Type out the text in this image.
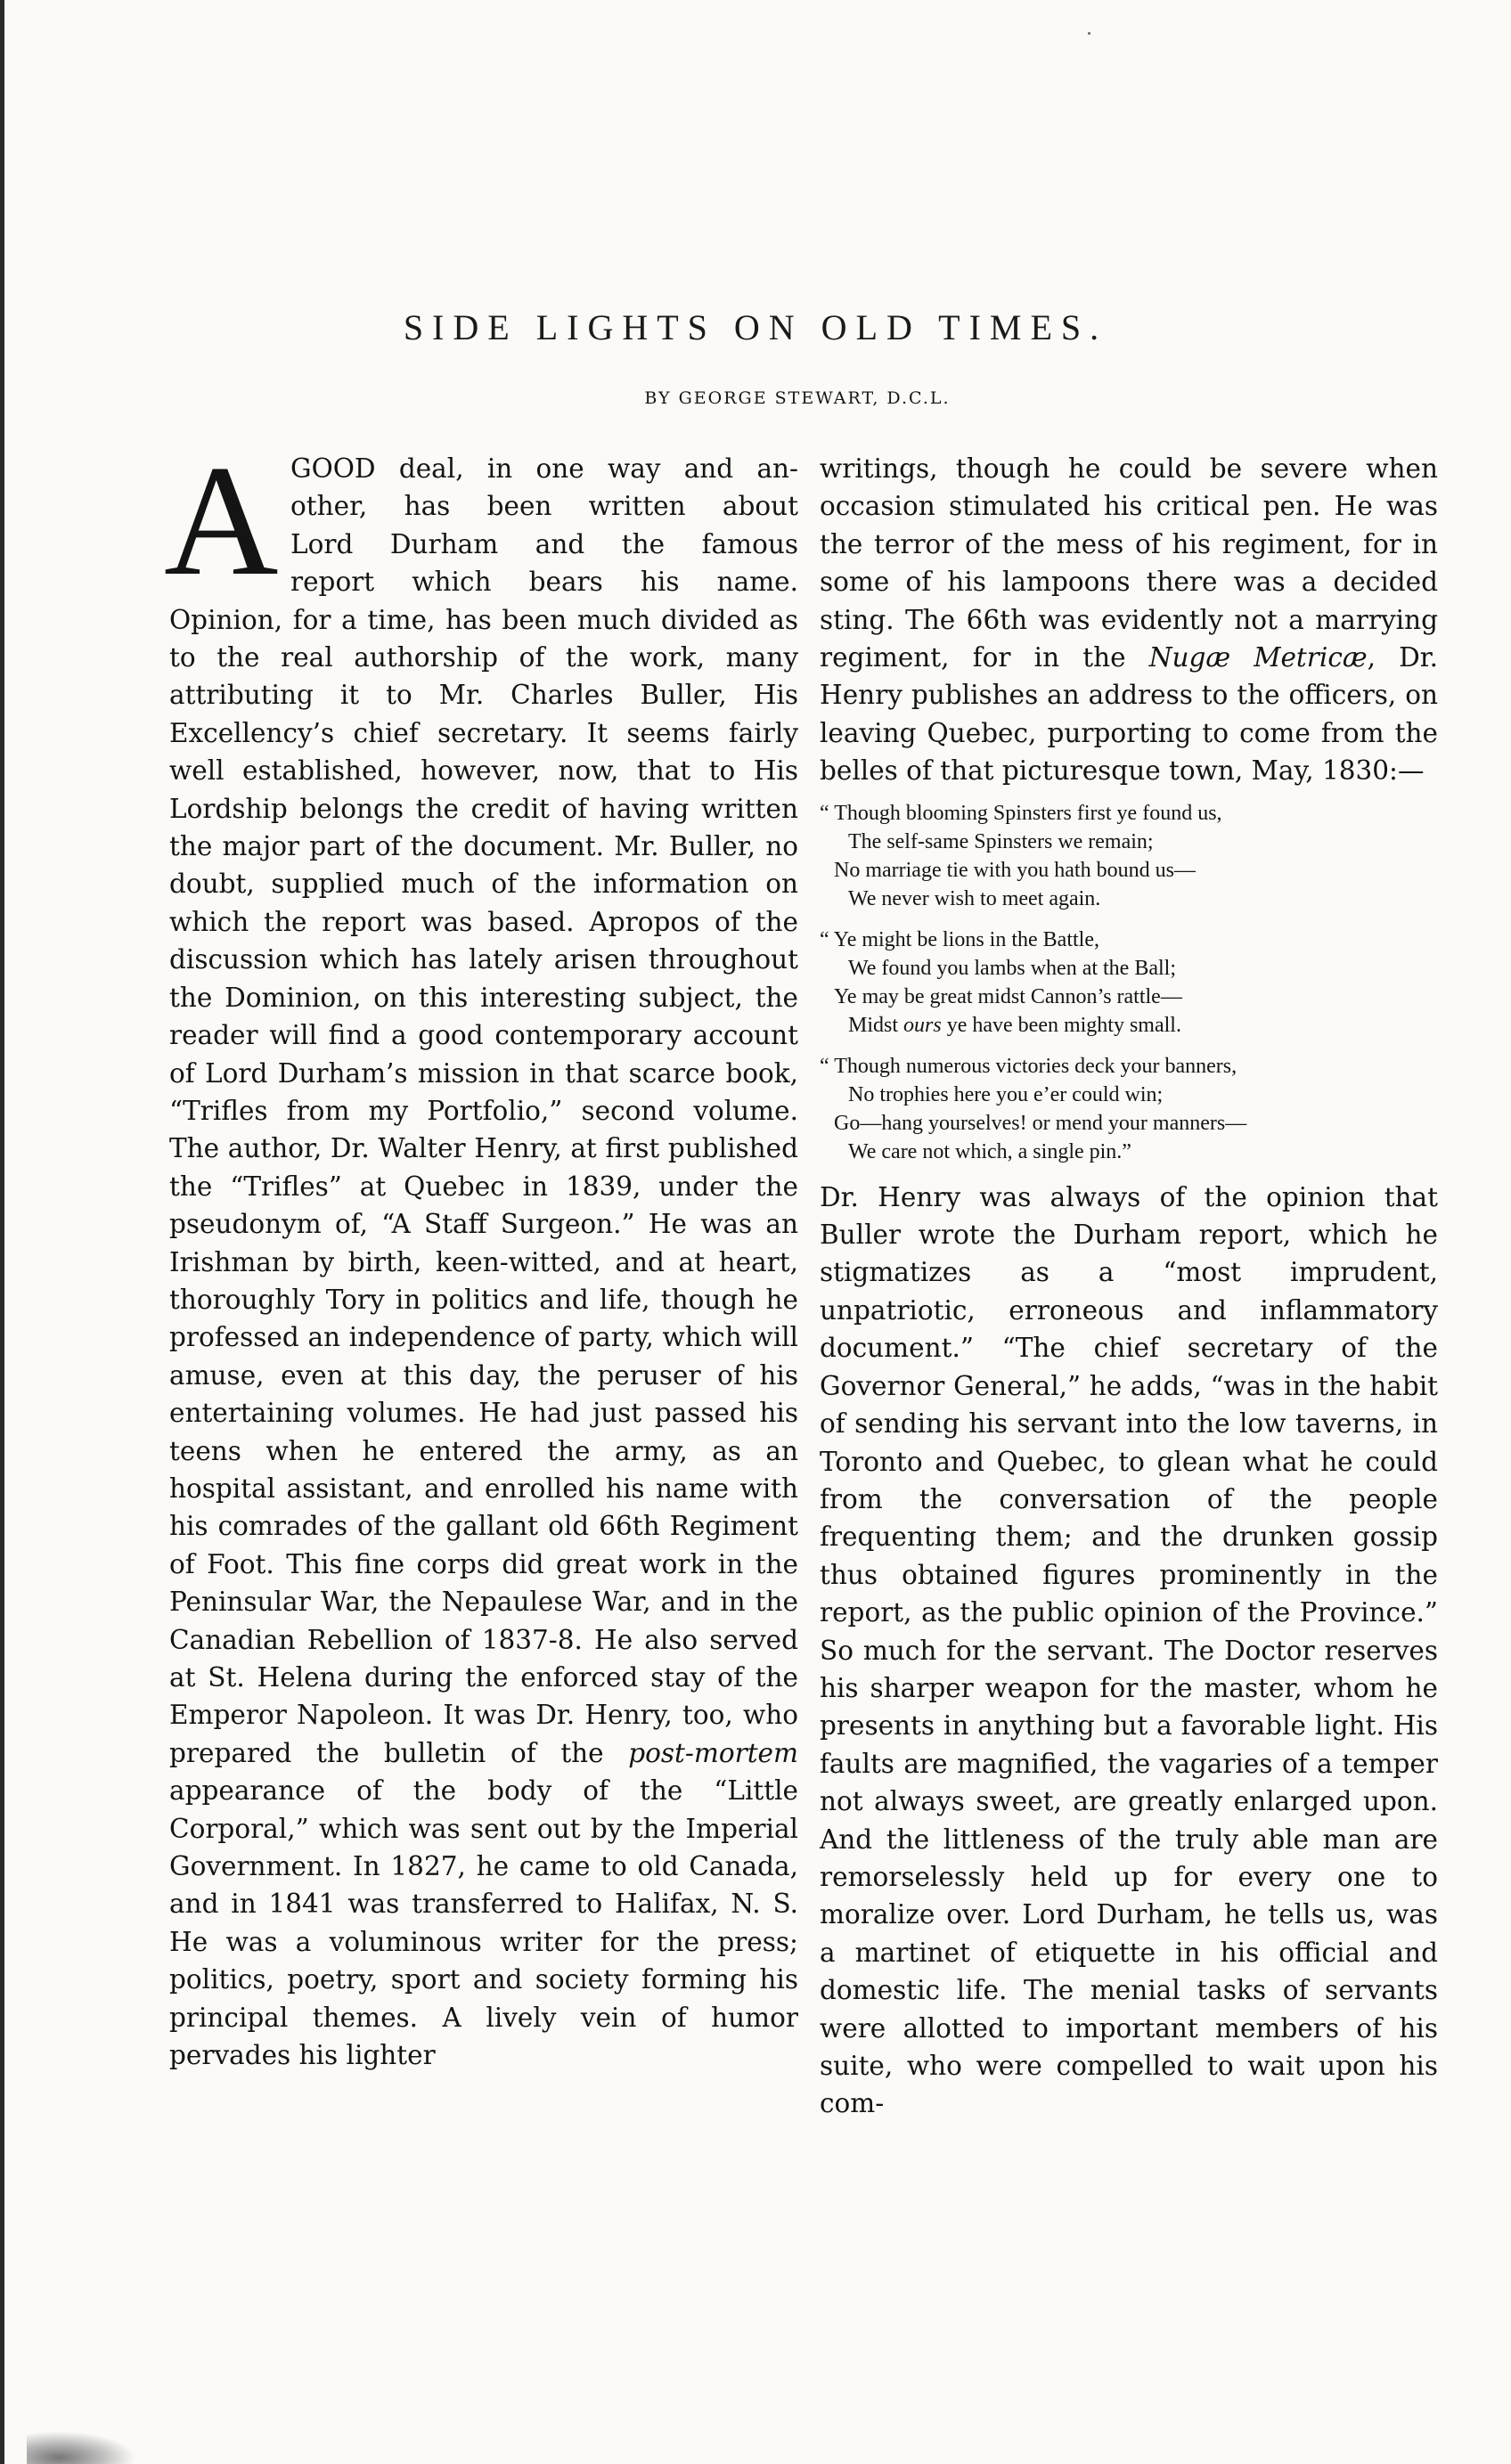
SIDE LIGHTS ON OLD TIMES.
BY GEORGE STEWART, D.C.L.
A GOOD deal, in one way and an-
other, has been written about
Lord Durham and the famous
report which bears his name.

Opinion, for a time, has been much divided as to the real authorship of the work, many attributing it to Mr. Charles Buller, His Excellency’s chief secretary. It seems fairly well established, however, now, that to His Lordship belongs the credit of having written the major part of the document. Mr. Buller, no doubt, supplied much of the information on which the report was based. Apropos of the discussion which has lately arisen throughout the Dominion, on this interesting subject, the reader will find a good contemporary account of Lord Durham’s mission in that scarce book, “Trifles from my Portfolio,” second volume. The author, Dr. Walter Henry, at first published the “Trifles” at Quebec in 1839, under the pseudonym of, “A Staff Surgeon.” He was an Irishman by birth, keen-witted, and at heart, thoroughly Tory in politics and life, though he professed an independence of party, which will amuse, even at this day, the peruser of his entertaining volumes. He had just passed his teens when he entered the army, as an hospital assistant, and enrolled his name with his comrades of the gallant old 66th Regiment of Foot. This fine corps did great work in the Peninsular War, the Nepaulese War, and in the Canadian Rebellion of 1837-8. He also served at St. Helena during the enforced stay of the Emperor Napoleon. It was Dr. Henry, too, who prepared the bulletin of the post-mortem appearance of the body of the “Little Corporal,” which was sent out by the Imperial Government. In 1827, he came to old Canada, and in 1841 was transferred to Halifax, N. S. He was a voluminous writer for the press; politics, poetry, sport and society forming his principal themes. A lively vein of humor pervades his lighter

writings, though he could be severe when occasion stimulated his critical pen. He was the terror of the mess of his regiment, for in some of his lampoons there was a decided sting. The 66th was evidently not a marrying regiment, for in the Nugæ Metricæ, Dr. Henry publishes an address to the officers, on leaving Quebec, purporting to come from the belles of that picturesque town, May, 1830:—

“ Though blooming Spinsters first ye found us,
The self-same Spinsters we remain;
No marriage tie with you hath bound us—
We never wish to meet again.
“ Ye might be lions in the Battle,
We found you lambs when at the Ball;
Ye may be great midst Cannon’s rattle—
Midst ours ye have been mighty small.
“ Though numerous victories deck your banners,
No trophies here you e’er could win;
Go—hang yourselves! or mend your manners—
We care not which, a single pin.”

Dr. Henry was always of the opinion that Buller wrote the Durham report, which he stigmatizes as a “most imprudent, unpatriotic, erroneous and inflammatory document.” “The chief secretary of the Governor General,” he adds, “was in the habit of sending his servant into the low taverns, in Toronto and Quebec, to glean what he could from the conversation of the people frequenting them; and the drunken gossip thus obtained figures prominently in the report, as the public opinion of the Province.” So much for the servant. The Doctor reserves his sharper weapon for the master, whom he presents in anything but a favorable light. His faults are magnified, the vagaries of a temper not always sweet, are greatly enlarged upon. And the littleness of the truly able man are remorselessly held up for every one to moralize over. Lord Durham, he tells us, was a martinet of etiquette in his official and domestic life. The menial tasks of servants were allotted to important members of his suite, who were compelled to wait upon his com-
